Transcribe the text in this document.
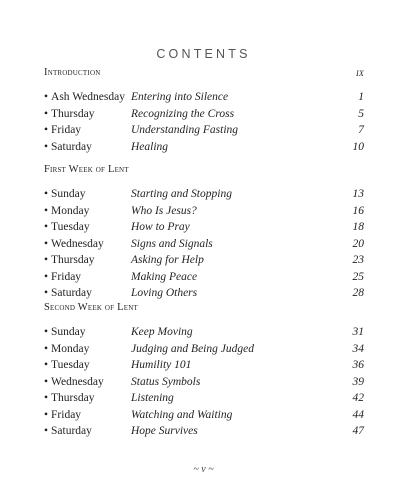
CONTENTS
Introduction	ix
• Ash Wednesday Entering into Silence	1
• Thursday	Recognizing the Cross	5
• Friday	Understanding Fasting	7
• Saturday	Healing	10
First Week of Lent
• Sunday	Starting and Stopping	13
• Monday	Who Is Jesus?	16
• Tuesday	How to Pray	18
• Wednesday Signs and Signals	20
• Thursday	Asking for Help	23
• Friday	Making Peace	25
• Saturday	Loving Others	28
Second Week of Lent
• Sunday	Keep Moving	31
• Monday	Judging and Being Judged	34
• Tuesday	Humility 101	36
• Wednesday Status Symbols	39
• Thursday	Listening	42
• Friday	Watching and Waiting	44
• Saturday	Hope Survives	47
~ v ~
